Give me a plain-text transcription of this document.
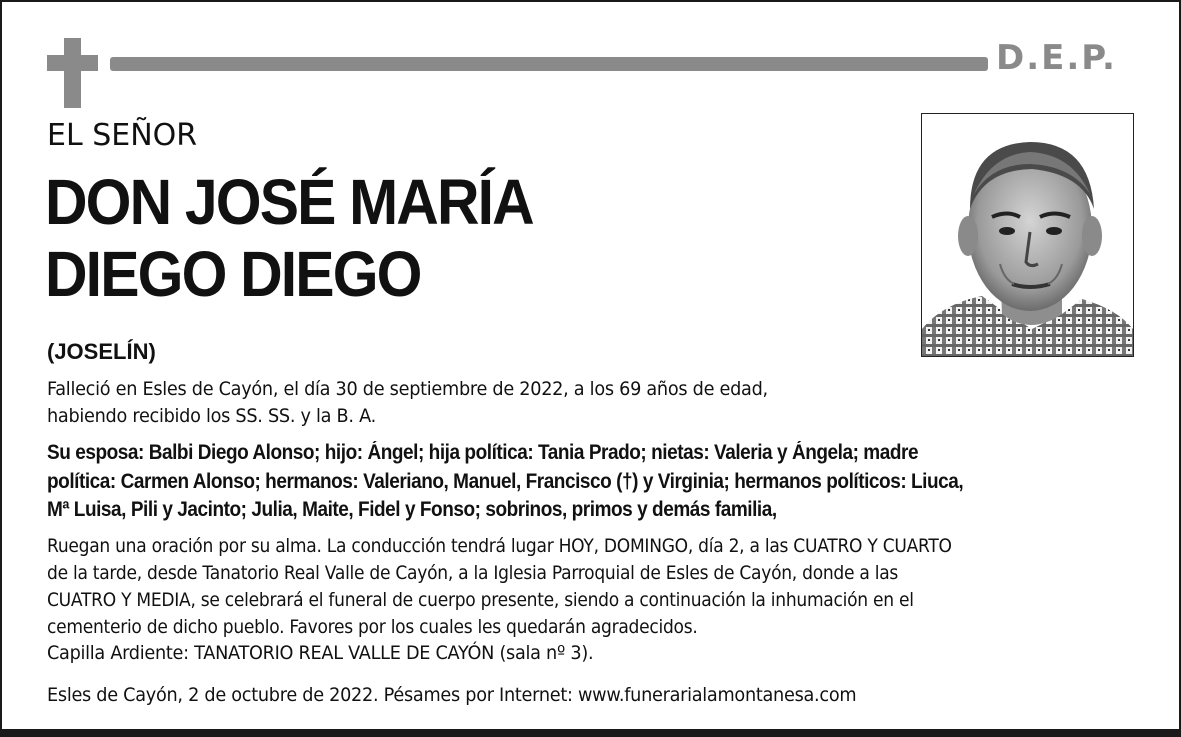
D.E.P.
EL SEÑOR
DON JOSÉ MARÍA
DIEGO DIEGO
(JOSELÍN)
Falleció en Esles de Cayón, el día 30 de septiembre de 2022, a los 69 años de edad,
habiendo recibido los SS. SS. y la B. A.
Su esposa: Balbi Diego Alonso; hijo: Ángel; hija política: Tania Prado; nietas: Valeria y Ángela; madre
política: Carmen Alonso; hermanos: Valeriano, Manuel, Francisco (†) y Virginia; hermanos políticos: Liuca,
Mª Luisa, Pili y Jacinto; Julia, Maite, Fidel y Fonso; sobrinos, primos y demás familia,
Ruegan una oración por su alma. La conducción tendrá lugar HOY, DOMINGO, día 2, a las CUATRO Y CUARTO
de la tarde, desde Tanatorio Real Valle de Cayón, a la Iglesia Parroquial de Esles de Cayón, donde a las
CUATRO Y MEDIA, se celebrará el funeral de cuerpo presente, siendo a continuación la inhumación en el
cementerio de dicho pueblo. Favores por los cuales les quedarán agradecidos.
Capilla Ardiente: TANATORIO REAL VALLE DE CAYÓN (sala nº 3).
Esles de Cayón, 2 de octubre de 2022. Pésames por Internet: www.funerarialamontanesa.com
